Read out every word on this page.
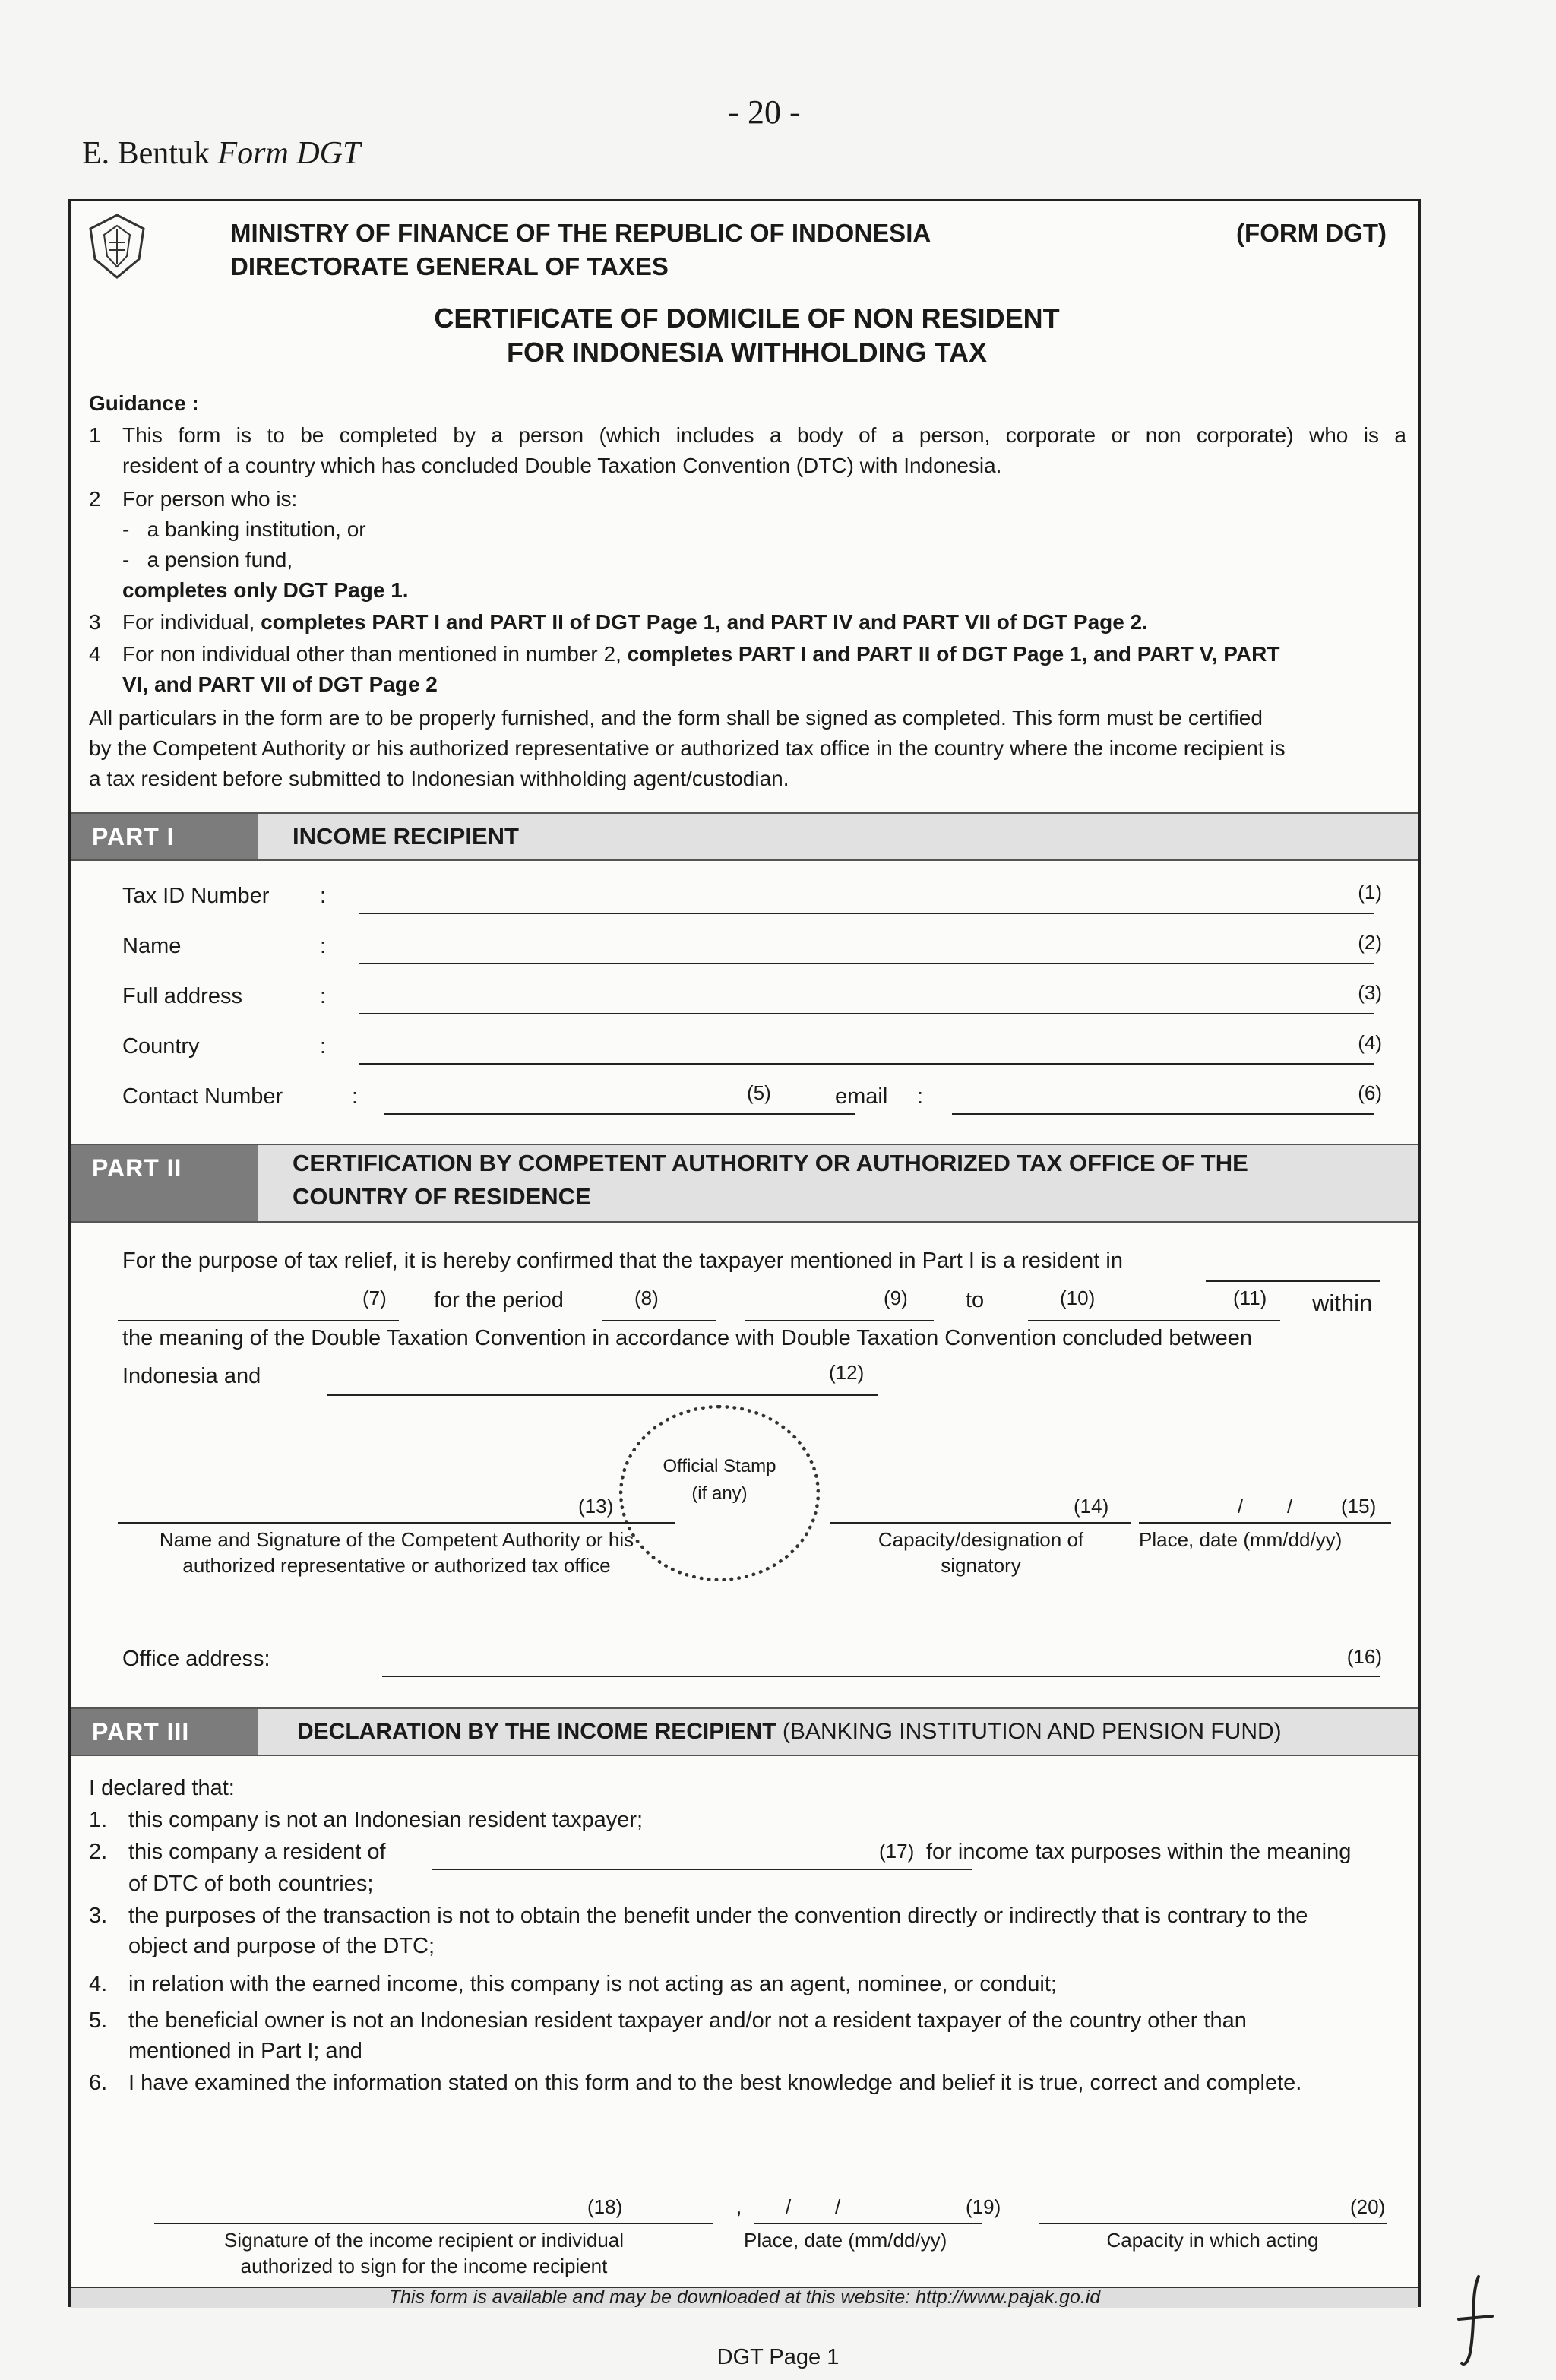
- 20 -
E. Bentuk Form DGT
MINISTRY OF FINANCE OF THE REPUBLIC OF INDONESIA
DIRECTORATE GENERAL OF TAXES
(FORM DGT)
CERTIFICATE OF DOMICILE OF NON RESIDENT
FOR INDONESIA WITHHOLDING TAX
Guidance :
1 This form is to be completed by a person (which includes a body of a person, corporate or non corporate) who is a
resident of a country which has concluded Double Taxation Convention (DTC) with Indonesia.
2 For person who is:
-   a banking institution, or
-   a pension fund,
completes only DGT Page 1.
3 For individual, completes PART I and PART II of DGT Page 1, and PART IV and PART VII of DGT Page 2.
4 For non individual other than mentioned in number 2, completes PART I and PART II of DGT Page 1, and PART V, PART
VI, and PART VII of DGT Page 2
All particulars in the form are to be properly furnished, and the form shall be signed as completed. This form must be certified
by the Competent Authority or his authorized representative or authorized tax office in the country where the income recipient is
a tax resident before submitted to Indonesian withholding agent/custodian.
PART I	INCOME RECIPIENT
Tax ID Number :	(1)
Name	:	(2)
Full address	:	(3)
Country	:	(4)
Contact Number	:	(5)	email :	(6)
PART II	CERTIFICATION BY COMPETENT AUTHORITY OR AUTHORIZED TAX OFFICE OF THE
COUNTRY OF RESIDENCE
For the purpose of tax relief, it is hereby confirmed that the taxpayer mentioned in Part I is a resident in
(7) for the period	(8)	(9)	to	(10)	(11) within
the meaning of the Double Taxation Convention in accordance with Double Taxation Convention concluded between
Indonesia and	(12)
Official Stamp (if any)
(13)
Name and Signature of the Competent Authority or his
authorized representative or authorized tax office
(14)
Capacity/designation of
signatory
/        / (15)
Place, date (mm/dd/yy)
Office address:	(16)
PART III	DECLARATION BY THE INCOME RECIPIENT (BANKING INSTITUTION AND PENSION FUND)
I declared that:
1. this company is not an Indonesian resident taxpayer;
2. this company a resident of	(17) for income tax purposes within the meaning
of DTC of both countries;
3. the purposes of the transaction is not to obtain the benefit under the convention directly or indirectly that is contrary to the
object and purpose of the DTC;
4. in relation with the earned income, this company is not acting as an agent, nominee, or conduit;
5. the beneficial owner is not an Indonesian resident taxpayer and/or not a resident taxpayer of the country other than
mentioned in Part I; and
6. I have examined the information stated on this form and to the best knowledge and belief it is true, correct and complete.
(18)
Signature of the income recipient or individual
authorized to sign for the income recipient
,        /        /	(19)
Place, date (mm/dd/yy)
(20)
Capacity in which acting
This form is available and may be downloaded at this website: http://www.pajak.go.id
DGT Page 1
